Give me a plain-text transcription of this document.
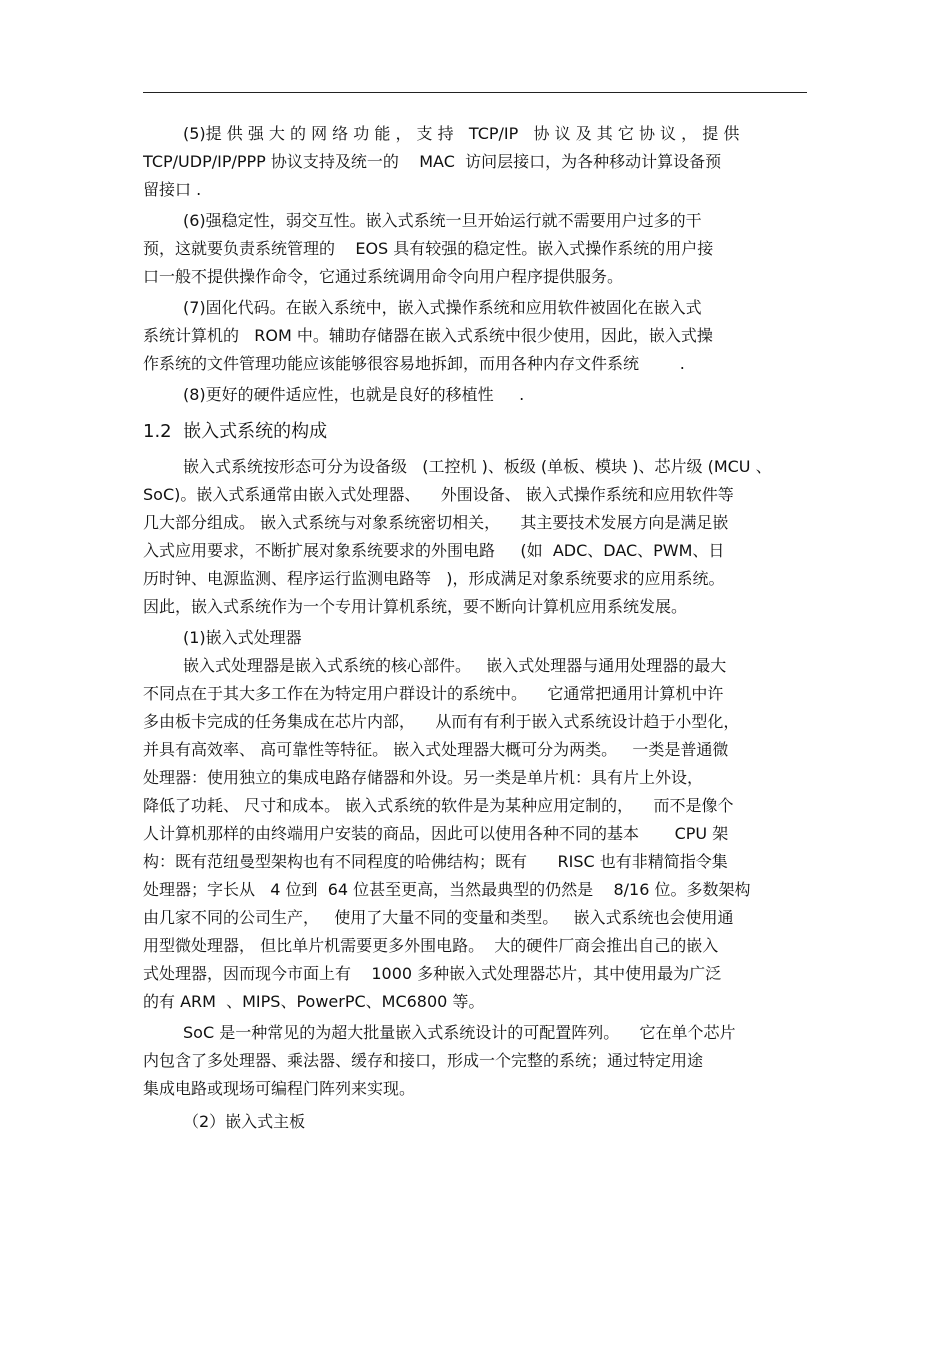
(5)提 供 强 大 的 网 络 功 能 ， 支 持   TCP/IP   协 议 及 其 它 协 议 ， 提 供
TCP/UDP/IP/PPP 协议支持及统一的    MAC  访问层接口，为各种移动计算设备预
留接口 .
(6)强稳定性，弱交互性。嵌入式系统一旦开始运行就不需要用户过多的干
预，这就要负责系统管理的    EOS 具有较强的稳定性。嵌入式操作系统的用户接
口一般不提供操作命令，它通过系统调用命令向用户程序提供服务。
(7)固化代码。在嵌入系统中，嵌入式操作系统和应用软件被固化在嵌入式
系统计算机的   ROM 中。辅助存储器在嵌入式系统中很少使用，因此，嵌入式操
作系统的文件管理功能应该能够很容易地拆卸，而用各种内存文件系统        .
(8)更好的硬件适应性，也就是良好的移植性     .
1.2  嵌入式系统的构成
嵌入式系统按形态可分为设备级   (工控机 )、板级 (单板、模块 )、芯片级 (MCU 、
SoC)。嵌入式系通常由嵌入式处理器、    外围设备、 嵌入式操作系统和应用软件等
几大部分组成。 嵌入式系统与对象系统密切相关，    其主要技术发展方向是满足嵌
入式应用要求，不断扩展对象系统要求的外围电路     (如  ADC、DAC、PWM、日
历时钟、电源监测、程序运行监测电路等   )，形成满足对象系统要求的应用系统。
因此，嵌入式系统作为一个专用计算机系统，要不断向计算机应用系统发展。
(1)嵌入式处理器
嵌入式处理器是嵌入式系统的核心部件。   嵌入式处理器与通用处理器的最大
不同点在于其大多工作在为特定用户群设计的系统中。    它通常把通用计算机中许
多由板卡完成的任务集成在芯片内部，    从而有有利于嵌入式系统设计趋于小型化，
并具有高效率、 高可靠性等特征。 嵌入式处理器大概可分为两类。   一类是普通微
处理器：使用独立的集成电路存储器和外设。另一类是单片机：具有片上外设，
降低了功耗、 尺寸和成本。 嵌入式系统的软件是为某种应用定制的，    而不是像个
人计算机那样的由终端用户安装的商品，因此可以使用各种不同的基本       CPU 架
构：既有范纽曼型架构也有不同程度的哈佛结构；既有      RISC 也有非精简指令集
处理器；字长从   4 位到  64 位甚至更高，当然最典型的仍然是    8/16 位。多数架构
由几家不同的公司生产，   使用了大量不同的变量和类型。   嵌入式系统也会使用通
用型微处理器， 但比单片机需要更多外围电路。  大的硬件厂商会推出自己的嵌入
式处理器，因而现今市面上有    1000 多种嵌入式处理器芯片，其中使用最为广泛
的有 ARM  、MIPS、PowerPC、MC6800 等。
SoC 是一种常见的为超大批量嵌入式系统设计的可配置阵列。    它在单个芯片
内包含了多处理器、乘法器、缓存和接口，形成一个完整的系统；通过特定用途
集成电路或现场可编程门阵列来实现。
（2）嵌入式主板
